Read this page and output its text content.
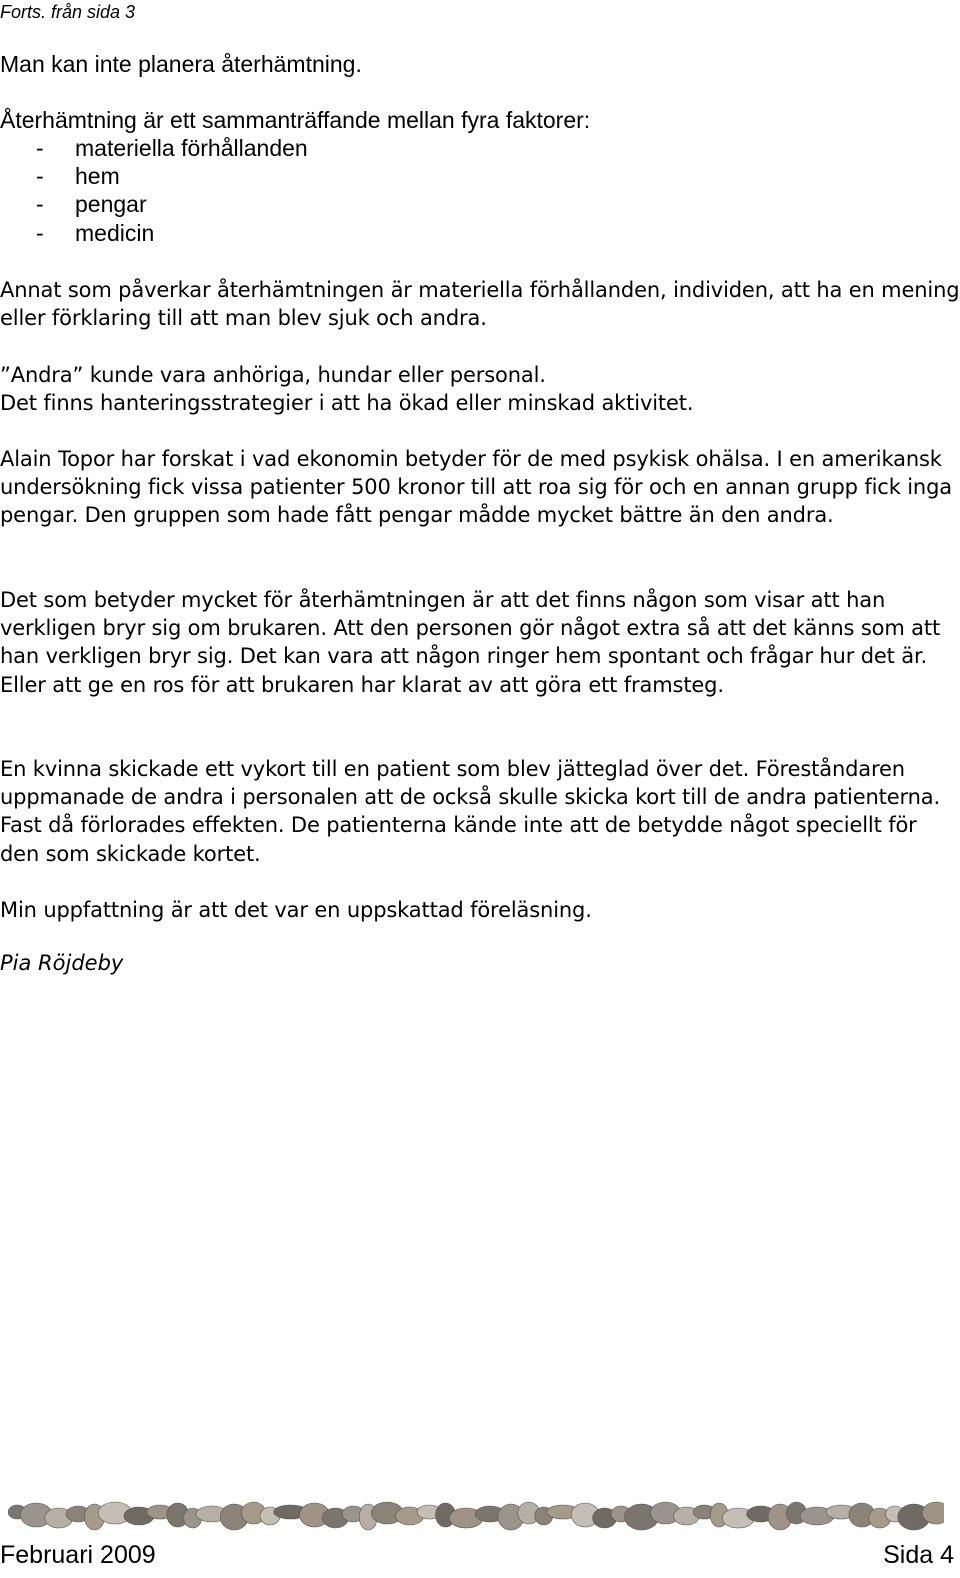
Forts. från sida 3
Man kan inte planera återhämtning.
Återhämtning är ett sammanträffande mellan fyra faktorer:
- materiella förhållanden
- hem
- pengar
- medicin
Annat som påverkar återhämtningen är materiella förhållanden, individen, att ha en mening eller förklaring till att man blev sjuk och andra.
”Andra” kunde vara anhöriga, hundar eller personal.
Det finns hanteringsstrategier i att ha ökad eller minskad aktivitet.
Alain Topor har forskat i vad ekonomin betyder för de med psykisk ohälsa. I en amerikansk undersökning fick vissa patienter 500 kronor till att roa sig för och en annan grupp fick inga pengar. Den gruppen som hade fått pengar mådde mycket bättre än den andra.
Det som betyder mycket för återhämtningen är att det finns någon som visar att han verkligen bryr sig om brukaren. Att den personen gör något extra så att det känns som att han verkligen bryr sig. Det kan vara att någon ringer hem spontant och frågar hur det är. Eller att ge en ros för att brukaren har klarat av att göra ett framsteg.
En kvinna skickade ett vykort till en patient som blev jätteglad över det. Föreståndaren uppmanade de andra i personalen att de också skulle skicka kort till de andra patienterna. Fast då förlorades effekten. De patienterna kände inte att de betydde något speciellt för den som skickade kortet.
Min uppfattning är att det var en uppskattad föreläsning.
Pia Röjdeby
Februari 2009	Sida 4
